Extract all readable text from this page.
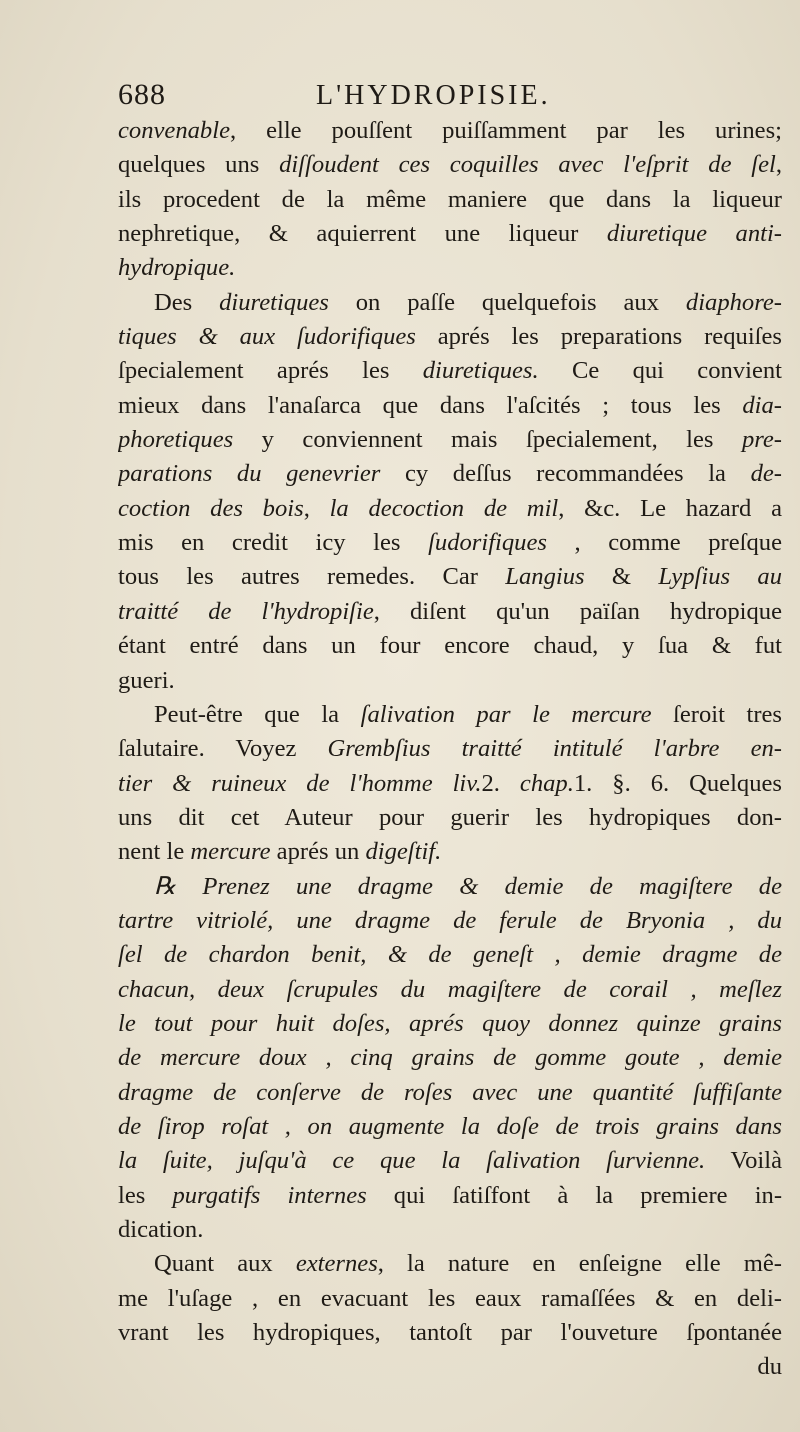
688	L'HYDROPISIE.
convenable, elle pouſſent puiſſamment par les urines;
quelques uns diſſoudent ces coquilles avec l'eſprit de ſel,
ils procedent de la même maniere que dans la liqueur
nephretique, & aquierrent une liqueur diuretique anti-
hydropique.
Des diuretiques on paſſe quelquefois aux diaphore-
tiques & aux ſudorifiques aprés les preparations requiſes
ſpecialement aprés les diuretiques. Ce qui convient
mieux dans l'anaſarca que dans l'aſcités ; tous les dia-
phoretiques y conviennent mais ſpecialement, les pre-
parations du genevrier cy deſſus recommandées la de-
coction des bois, la decoction de mil, &c. Le hazard a
mis en credit icy les ſudorifiques , comme preſque
tous les autres remedes. Car Langius & Lypſius au
traitté de l'hydropiſie, diſent qu'un païſan hydropique
étant entré dans un four encore chaud, y ſua & fut
gueri.
Peut-être que la ſalivation par le mercure ſeroit tres
ſalutaire. Voyez Grembſius traitté intitulé l'arbre en-
tier & ruineux de l'homme liv.2. chap.1. §. 6. Quelques
uns dit cet Auteur pour guerir les hydropiques don-
nent le mercure aprés un digeſtif.
℞ Prenez une dragme & demie de magiſtere de
tartre vitriolé, une dragme de ferule de Bryonia , du
ſel de chardon benit, & de geneſt , demie dragme de
chacun, deux ſcrupules du magiſtere de corail , meſlez
le tout pour huit doſes, aprés quoy donnez quinze grains
de mercure doux , cinq grains de gomme goute , demie
dragme de conſerve de roſes avec une quantité ſuffiſante
de ſirop roſat , on augmente la doſe de trois grains dans
la ſuite, juſqu'à ce que la ſalivation ſurvienne. Voilà
les purgatifs internes qui ſatiſfont à la premiere in-
dication.
Quant aux externes, la nature en enſeigne elle mê-
me l'uſage , en evacuant les eaux ramaſſées & en deli-
vrant les hydropiques, tantoſt par l'ouveture ſpontanée
du
